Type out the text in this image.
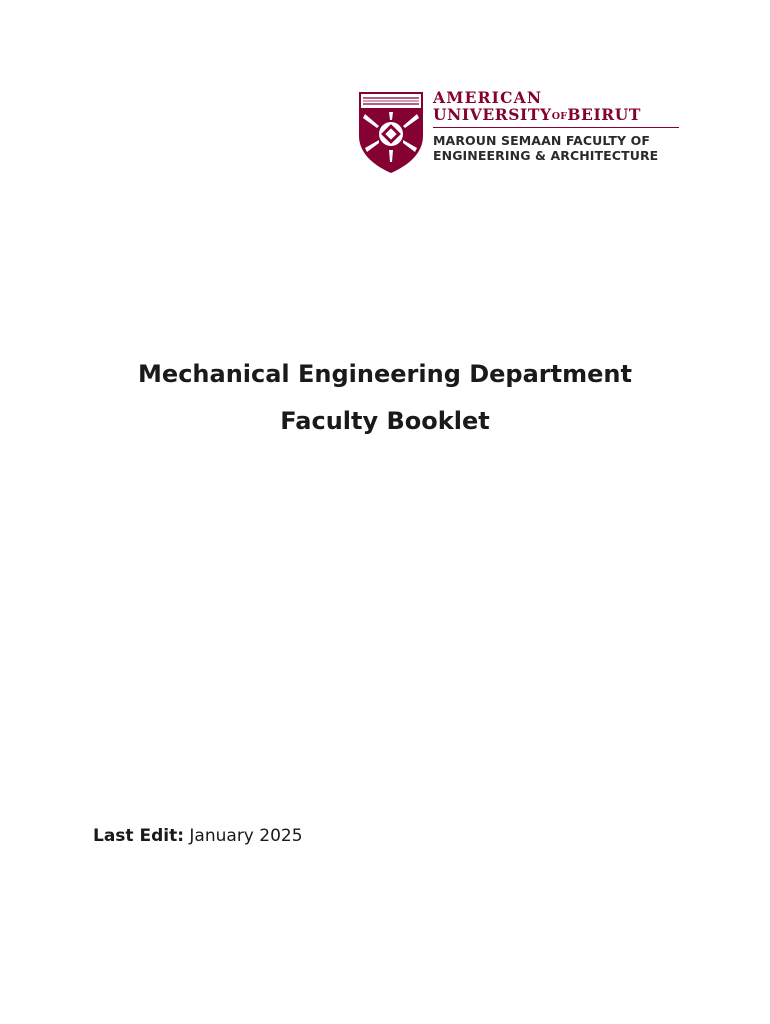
AMERICAN
UNIVERSITYOFBEIRUT
MAROUN SEMAAN FACULTY OF
ENGINEERING & ARCHITECTURE
Mechanical Engineering Department
Faculty Booklet
Last Edit: January 2025
